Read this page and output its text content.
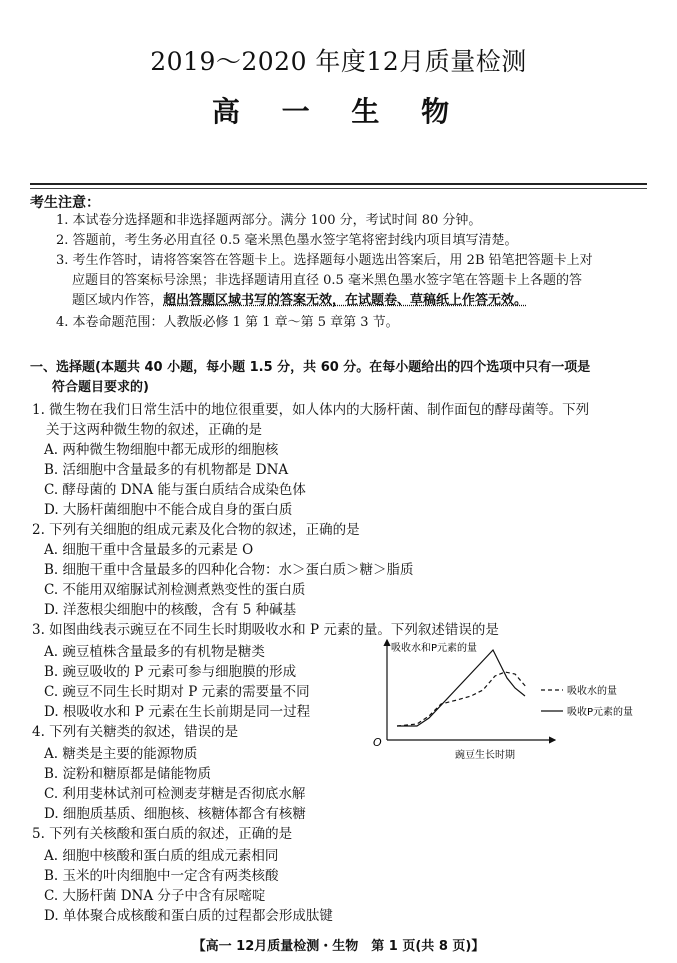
2019～2020 年度12月质量检测
高 一 生 物
考生注意：
1. 本试卷分选择题和非选择题两部分。满分 100 分，考试时间 80 分钟。
2. 答题前，考生务必用直径 0.5 毫米黑色墨水签字笔将密封线内项目填写清楚。
3. 考生作答时，请将答案答在答题卡上。选择题每小题选出答案后，用 2B 铅笔把答题卡上对
应题目的答案标号涂黑；非选择题请用直径 0.5 毫米黑色墨水签字笔在答题卡上各题的答
题区域内作答，超出答题区域书写的答案无效，在试题卷、草稿纸上作答无效。
4. 本卷命题范围：人教版必修 1 第 1 章～第 5 章第 3 节。
一、选择题(本题共 40 小题，每小题 1.5 分，共 60 分。在每小题给出的四个选项中只有一项是
符合题目要求的)
1. 微生物在我们日常生活中的地位很重要，如人体内的大肠杆菌、制作面包的酵母菌等。下列
关于这两种微生物的叙述，正确的是
A. 两种微生物细胞中都无成形的细胞核
B. 活细胞中含量最多的有机物都是 DNA
C. 酵母菌的 DNA 能与蛋白质结合成染色体
D. 大肠杆菌细胞中不能合成自身的蛋白质
2. 下列有关细胞的组成元素及化合物的叙述，正确的是
A. 细胞干重中含量最多的元素是 O
B. 细胞干重中含量最多的四种化合物：水＞蛋白质＞糖＞脂质
C. 不能用双缩脲试剂检测煮熟变性的蛋白质
D. 洋葱根尖细胞中的核酸，含有 5 种碱基
3. 如图曲线表示豌豆在不同生长时期吸收水和 P 元素的量。下列叙述错误的是
A. 豌豆植株含量最多的有机物是糖类
B. 豌豆吸收的 P 元素可参与细胞膜的形成
C. 豌豆不同生长时期对 P 元素的需要量不同
D. 根吸收水和 P 元素在生长前期是同一过程
吸收水和P元素的量
豌豆生长时期
O
吸收水的量
吸收P元素的量
4. 下列有关糖类的叙述，错误的是
A. 糖类是主要的能源物质
B. 淀粉和糖原都是储能物质
C. 利用斐林试剂可检测麦芽糖是否彻底水解
D. 细胞质基质、细胞核、核糖体都含有核糖
5. 下列有关核酸和蛋白质的叙述，正确的是
A. 细胞中核酸和蛋白质的组成元素相同
B. 玉米的叶肉细胞中一定含有两类核酸
C. 大肠杆菌 DNA 分子中含有尿嘧啶
D. 单体聚合成核酸和蛋白质的过程都会形成肽键
【高一 12月质量检测・生物　第 1 页(共 8 页)】
